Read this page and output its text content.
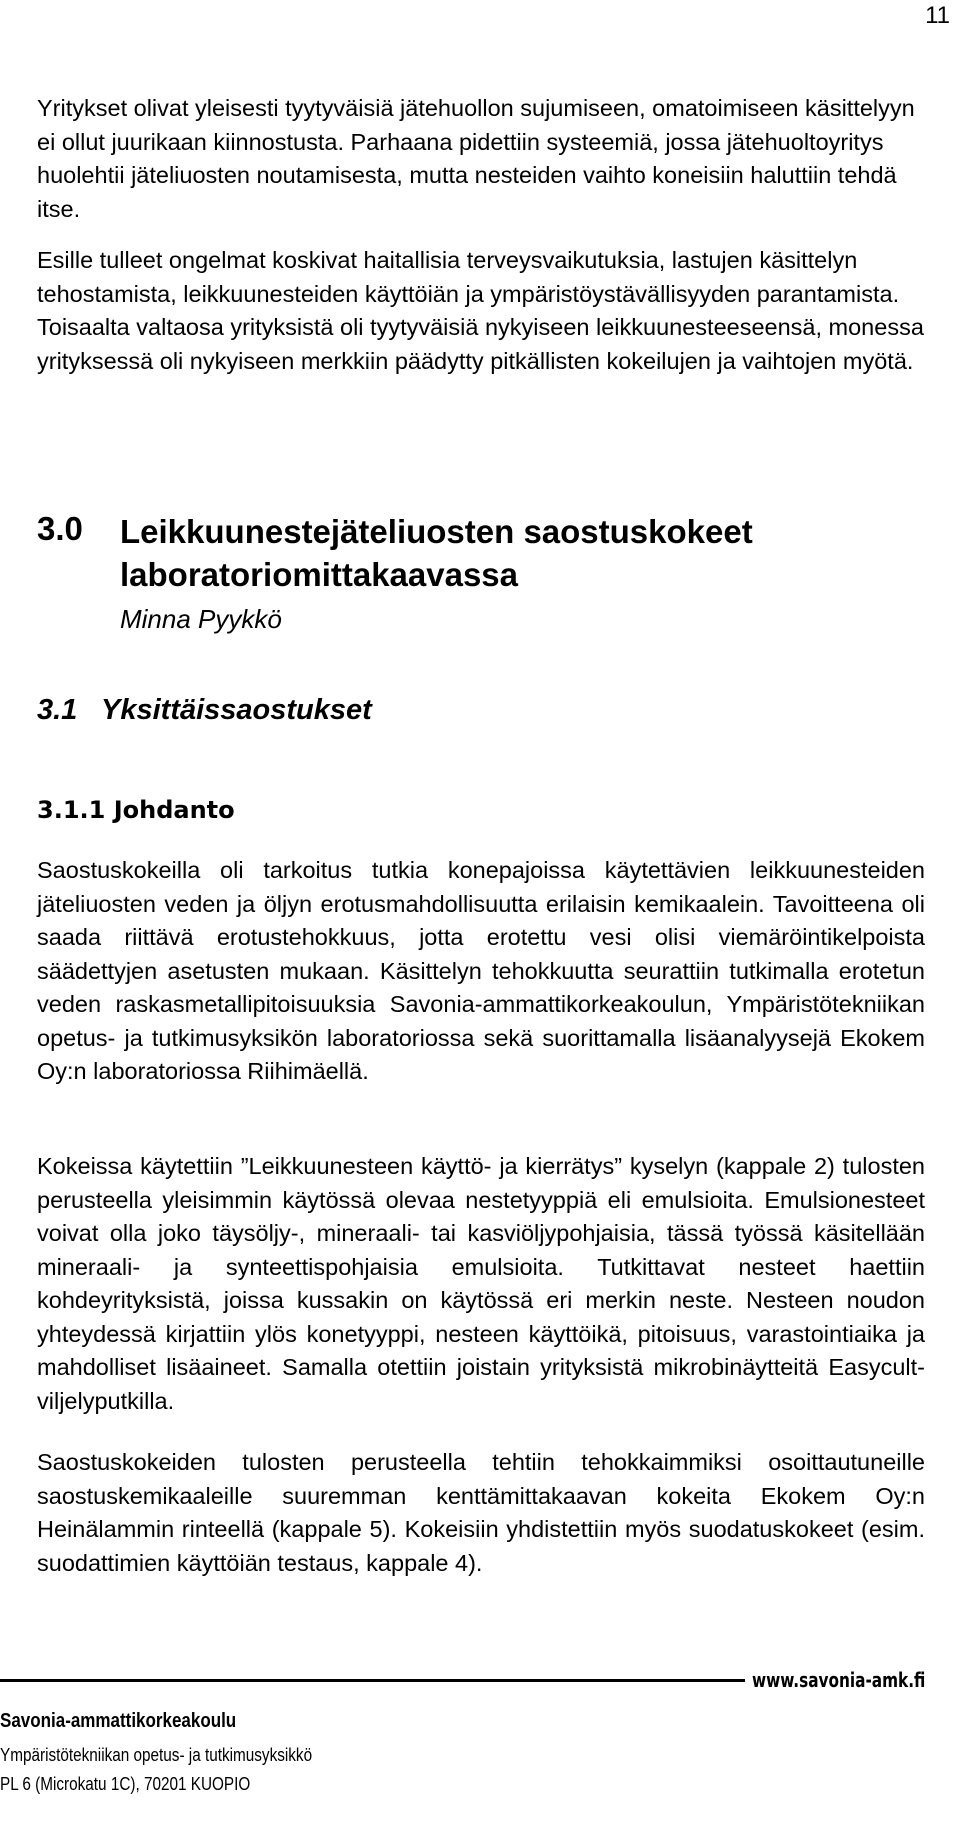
11

Yritykset olivat yleisesti tyytyväisiä jätehuollon sujumiseen, omatoimiseen käsittelyyn ei ollut juurikaan kiinnostusta. Parhaana pidettiin systeemiä, jossa jätehuoltoyritys huolehtii jäteliuosten noutamisesta, mutta nesteiden vaihto koneisiin haluttiin tehdä itse.

Esille tulleet ongelmat koskivat haitallisia terveysvaikutuksia, lastujen käsittelyn tehostamista, leikkuunesteiden käyttöiän ja ympäristöystävällisyyden parantamista. Toisaalta valtaosa yrityksistä oli tyytyväisiä nykyiseen leikkuunesteeseensä, monessa yrityksessä oli nykyiseen merkkiin päädytty pitkällisten kokeilujen ja vaihtojen myötä.

3.0 Leikkuunestejäteliuosten saostuskokeet laboratoriomittakaavassa
Minna Pyykkö
3.1 Yksittäissaostukset
3.1.1 Johdanto

Saostuskokeilla oli tarkoitus tutkia konepajoissa käytettävien leikkuunesteiden jäteliuosten veden ja öljyn erotusmahdollisuutta erilaisin kemikaalein. Tavoitteena oli saada riittävä erotustehokkuus, jotta erotettu vesi olisi viemäröintikelpoista säädettyjen asetusten mukaan. Käsittelyn tehokkuutta seurattiin tutkimalla erotetun veden raskasmetallipitoisuuksia Savonia-ammattikorkeakoulun, Ympäristötekniikan opetus- ja tutkimusyksikön laboratoriossa sekä suorittamalla lisäanalyysejä Ekokem Oy:n laboratoriossa Riihimäellä.

Kokeissa käytettiin ”Leikkuunesteen käyttö- ja kierrätys” kyselyn (kappale 2) tulosten perusteella yleisimmin käytössä olevaa nestetyyppiä eli emulsioita. Emulsionesteet voivat olla joko täysöljy-, mineraali- tai kasviöljypohjaisia, tässä työssä käsitellään mineraali- ja synteettispohjaisia emulsioita. Tutkittavat nesteet haettiin kohdeyrityksistä, joissa kussakin on käytössä eri merkin neste. Nesteen noudon yhteydessä kirjattiin ylös konetyyppi, nesteen käyttöikä, pitoisuus, varastointiaika ja mahdolliset lisäaineet. Samalla otettiin joistain yrityksistä mikrobinäytteitä Easycult-viljelyputkilla.

Saostuskokeiden tulosten perusteella tehtiin tehokkaimmiksi osoittautuneille saostuskemikaaleille suuremman kenttämittakaavan kokeita Ekokem Oy:n Heinälammin rinteellä (kappale 5). Kokeisiin yhdistettiin myös suodatuskokeet (esim. suodattimien käyttöiän testaus, kappale 4).

www.savonia-amk.fi
Savonia-ammattikorkeakoulu
Ympäristötekniikan opetus- ja tutkimusyksikkö
PL 6 (Microkatu 1C), 70201 KUOPIO
